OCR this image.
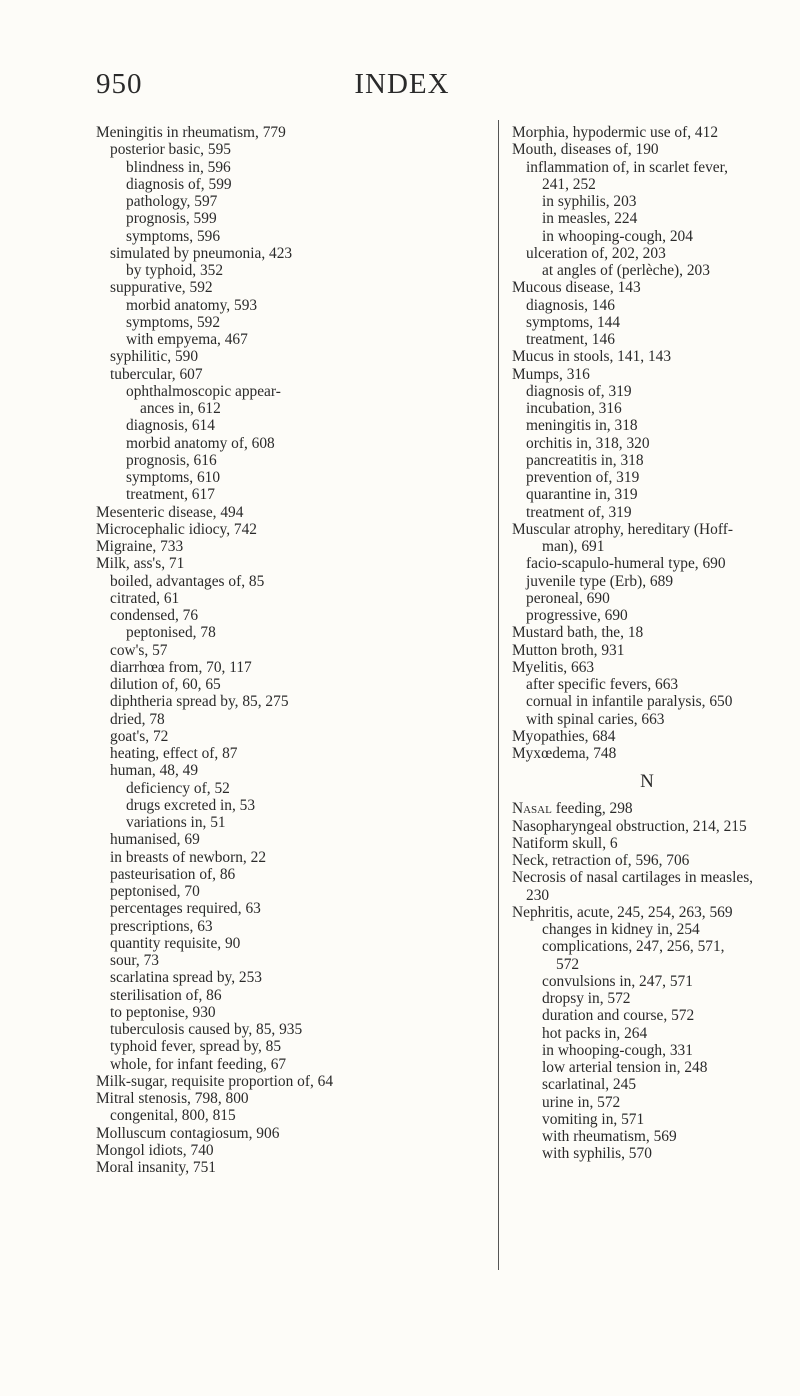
950	INDEX
Meningitis in rheumatism, 779
posterior basic, 595
blindness in, 596
diagnosis of, 599
pathology, 597
prognosis, 599
symptoms, 596
simulated by pneumonia, 423
by typhoid, 352
suppurative, 592
morbid anatomy, 593
symptoms, 592
with empyema, 467
syphilitic, 590
tubercular, 607
ophthalmoscopic appear-
ances in, 612
diagnosis, 614
morbid anatomy of, 608
prognosis, 616
symptoms, 610
treatment, 617
Mesenteric disease, 494
Microcephalic idiocy, 742
Migraine, 733
Milk, ass's, 71
boiled, advantages of, 85
citrated, 61
condensed, 76
peptonised, 78
cow's, 57
diarrhœa from, 70, 117
dilution of, 60, 65
diphtheria spread by, 85, 275
dried, 78
goat's, 72
heating, effect of, 87
human, 48, 49
deficiency of, 52
drugs excreted in, 53
variations in, 51
humanised, 69
in breasts of newborn, 22
pasteurisation of, 86
peptonised, 70
percentages required, 63
prescriptions, 63
quantity requisite, 90
sour, 73
scarlatina spread by, 253
sterilisation of, 86
to peptonise, 930
tuberculosis caused by, 85, 935
typhoid fever, spread by, 85
whole, for infant feeding, 67
Milk-sugar, requisite proportion of, 64
Mitral stenosis, 798, 800
congenital, 800, 815
Molluscum contagiosum, 906
Mongol idiots, 740
Moral insanity, 751
Morphia, hypodermic use of, 412
Mouth, diseases of, 190
inflammation of, in scarlet fever,
241, 252
in syphilis, 203
in measles, 224
in whooping-cough, 204
ulceration of, 202, 203
at angles of (perlèche), 203
Mucous disease, 143
diagnosis, 146
symptoms, 144
treatment, 146
Mucus in stools, 141, 143
Mumps, 316
diagnosis of, 319
incubation, 316
meningitis in, 318
orchitis in, 318, 320
pancreatitis in, 318
prevention of, 319
quarantine in, 319
treatment of, 319
Muscular atrophy, hereditary (Hoff-
man), 691
facio-scapulo-humeral type, 690
juvenile type (Erb), 689
peroneal, 690
progressive, 690
Mustard bath, the, 18
Mutton broth, 931
Myelitis, 663
after specific fevers, 663
cornual in infantile paralysis, 650
with spinal caries, 663
Myopathies, 684
Myxœdema, 748
N
Nasal feeding, 298
Nasopharyngeal obstruction, 214, 215
Natiform skull, 6
Neck, retraction of, 596, 706
Necrosis of nasal cartilages in measles,
230
Nephritis, acute, 245, 254, 263, 569
changes in kidney in, 254
complications, 247, 256, 571,
572
convulsions in, 247, 571
dropsy in, 572
duration and course, 572
hot packs in, 264
in whooping-cough, 331
low arterial tension in, 248
scarlatinal, 245
urine in, 572
vomiting in, 571
with rheumatism, 569
with syphilis, 570
